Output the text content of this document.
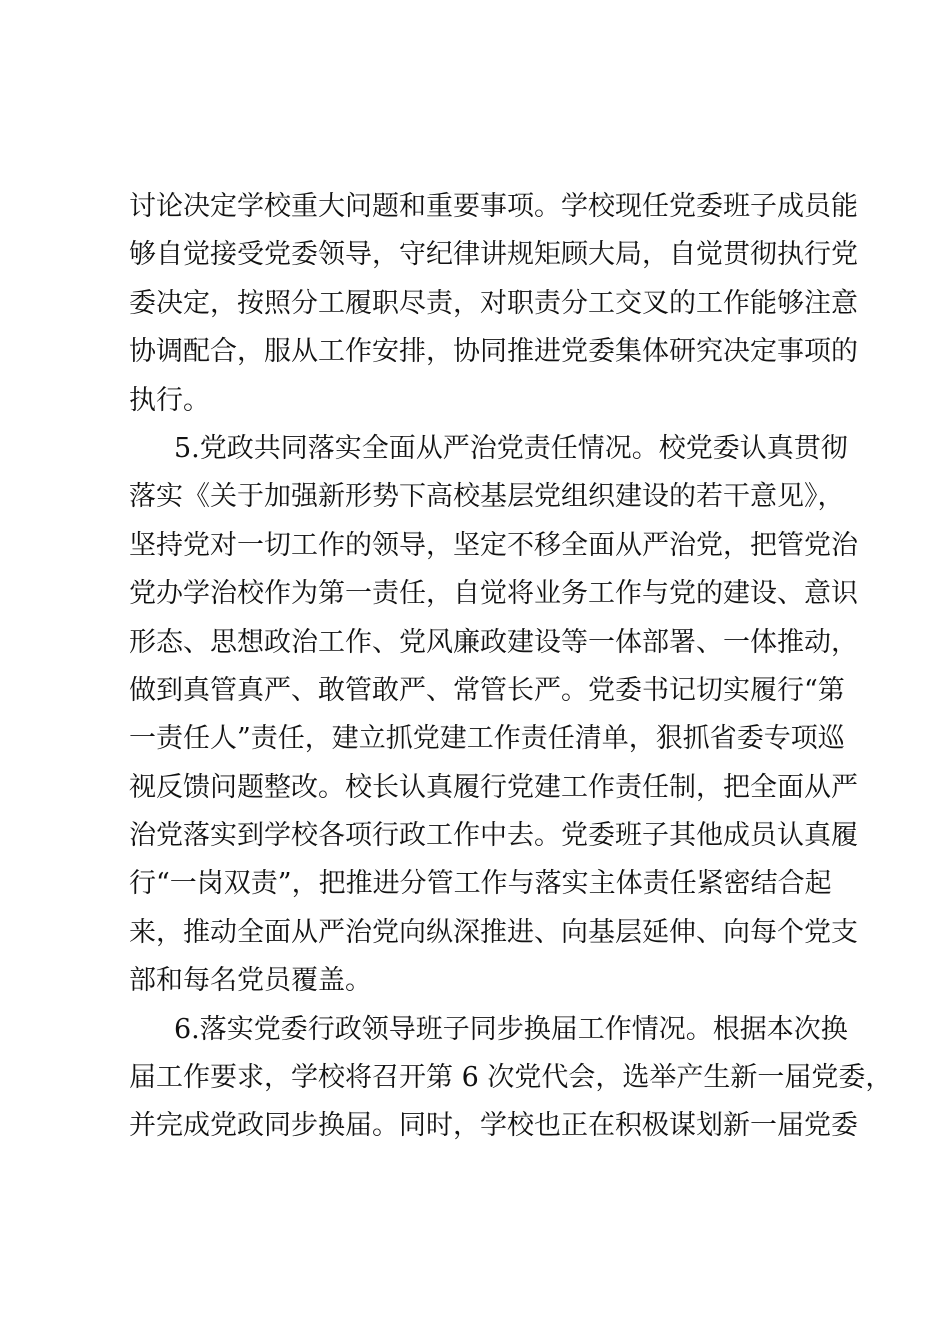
讨论决定学校重大问题和重要事项。学校现任党委班子成员能
够自觉接受党委领导，守纪律讲规矩顾大局，自觉贯彻执行党
委决定，按照分工履职尽责，对职责分工交叉的工作能够注意
协调配合，服从工作安排，协同推进党委集体研究决定事项的
执行。
5.党政共同落实全面从严治党责任情况。校党委认真贯彻
落实《关于加强新形势下高校基层党组织建设的若干意见》，
坚持党对一切工作的领导，坚定不移全面从严治党，把管党治
党办学治校作为第一责任，自觉将业务工作与党的建设、意识
形态、思想政治工作、党风廉政建设等一体部署、一体推动，
做到真管真严、敢管敢严、常管长严。党委书记切实履行“第
一责任人”责任，建立抓党建工作责任清单，狠抓省委专项巡
视反馈问题整改。校长认真履行党建工作责任制，把全面从严
治党落实到学校各项行政工作中去。党委班子其他成员认真履
行“一岗双责”，把推进分管工作与落实主体责任紧密结合起
来，推动全面从严治党向纵深推进、向基层延伸、向每个党支
部和每名党员覆盖。
6.落实党委行政领导班子同步换届工作情况。根据本次换
届工作要求，学校将召开第 6 次党代会，选举产生新一届党委，
并完成党政同步换届。同时，学校也正在积极谋划新一届党委
